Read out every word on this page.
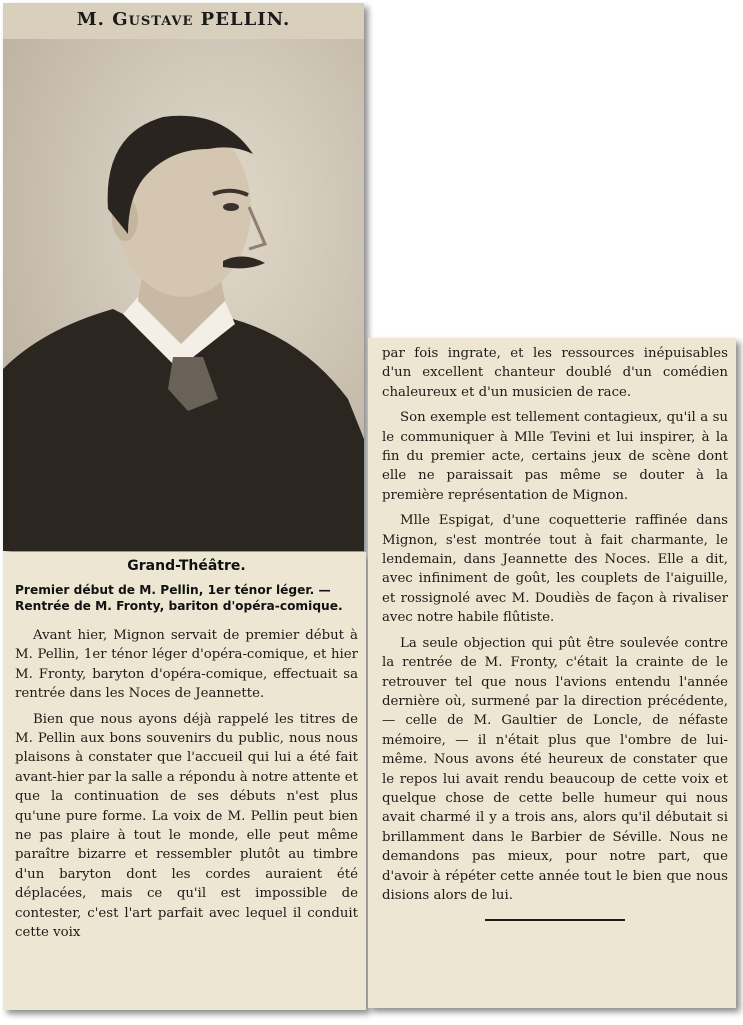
M. Gustave PELLIN.
Grand-Théâtre.
Premier début de M. Pellin, 1er ténor léger. — Rentrée de M. Fronty, bariton d'opéra-comique.

Avant hier, Mignon servait de premier début à M. Pellin, 1er ténor léger d'opéra-comique, et hier M. Fronty, baryton d'opéra-comique, effectuait sa rentrée dans les Noces de Jeannette.

Bien que nous ayons déjà rappelé les titres de M. Pellin aux bons souvenirs du public, nous nous plaisons à constater que l'accueil qui lui a été fait avant-hier par la salle a répondu à notre attente et que la continuation de ses débuts n'est plus qu'une pure forme. La voix de M. Pellin peut bien ne pas plaire à tout le monde, elle peut même paraître bizarre et ressembler plutôt au timbre d'un baryton dont les cordes auraient été déplacées, mais ce qu'il est impossible de contester, c'est l'art parfait avec lequel il conduit cette voix

par fois ingrate, et les ressources inépuisables d'un excellent chanteur doublé d'un comédien chaleureux et d'un musicien de race.

Son exemple est tellement contagieux, qu'il a su le communiquer à Mlle Tevini et lui inspirer, à la fin du premier acte, certains jeux de scène dont elle ne paraissait pas même se douter à la première représentation de Mignon.

Mlle Espigat, d'une coquetterie raffinée dans Mignon, s'est montrée tout à fait charmante, le lendemain, dans Jeannette des Noces. Elle a dit, avec infiniment de goût, les couplets de l'aiguille, et rossignolé avec M. Doudiès de façon à rivaliser avec notre habile flûtiste.

La seule objection qui pût être soulevée contre la rentrée de M. Fronty, c'était la crainte de le retrouver tel que nous l'avions entendu l'année dernière où, surmené par la direction précédente, — celle de M. Gaultier de Loncle, de néfaste mémoire, — il n'était plus que l'ombre de lui-même. Nous avons été heureux de constater que le repos lui avait rendu beaucoup de cette voix et quelque chose de cette belle humeur qui nous avait charmé il y a trois ans, alors qu'il débutait si brillamment dans le Barbier de Séville. Nous ne demandons pas mieux, pour notre part, que d'avoir à répéter cette année tout le bien que nous disions alors de lui.
